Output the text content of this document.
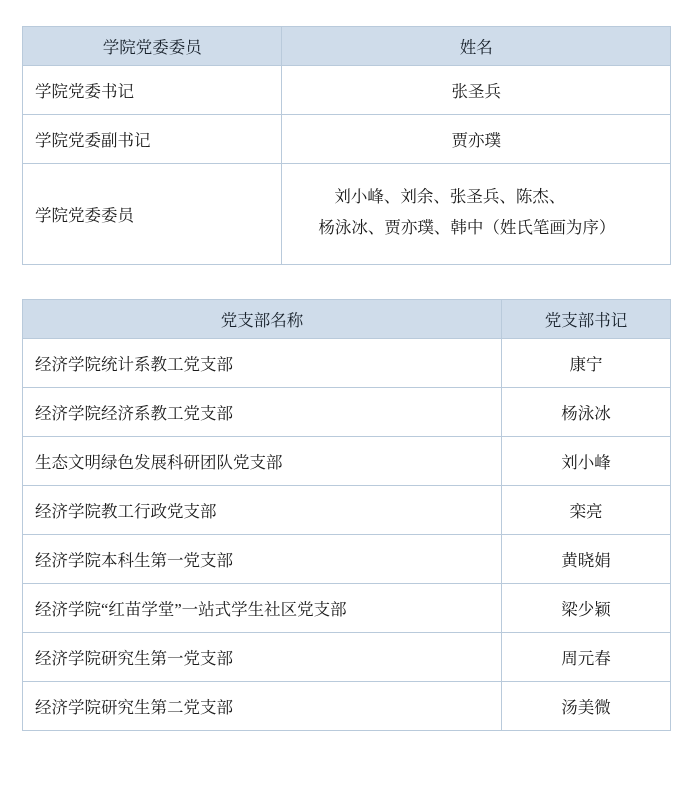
学院党委委员	姓名
学院党委书记	张圣兵
学院党委副书记	贾亦璞
学院党委委员	刘小峰、刘余、张圣兵、陈杰、
杨泳冰、贾亦璞、韩中（姓氏笔画为序）
党支部名称	党支部书记
经济学院统计系教工党支部	康宁
经济学院经济系教工党支部	杨泳冰
生态文明绿色发展科研团队党支部	刘小峰
经济学院教工行政党支部	栾亮
经济学院本科生第一党支部	黄晓娟
经济学院“红苗学堂”一站式学生社区党支部	梁少颖
经济学院研究生第一党支部	周元春
经济学院研究生第二党支部	汤美微
